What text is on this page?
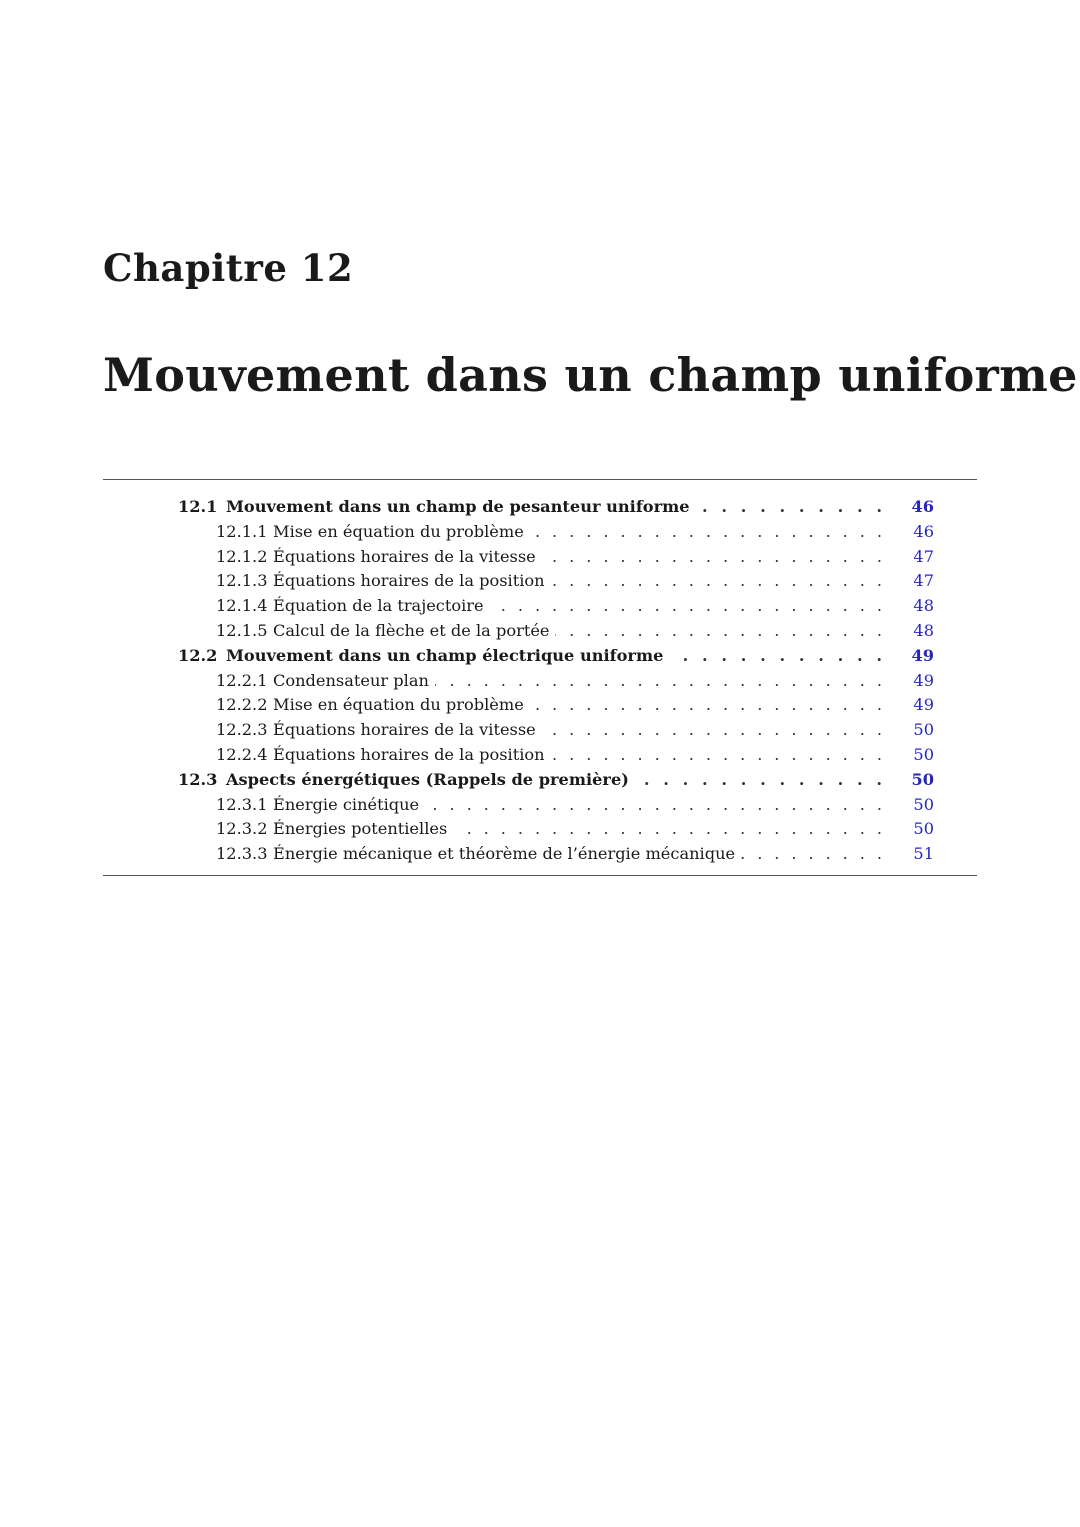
Chapitre 12
Mouvement dans un champ uniforme
12.1 Mouvement dans un champ de pesanteur uniforme . . .	46
12.1.1 Mise en équation du problème . . .	46
12.1.2 Équations horaires de la vitesse . . .	47
12.1.3 Équations horaires de la position . . .	47
12.1.4 Équation de la trajectoire . . .	48
12.1.5 Calcul de la flèche et de la portée . . .	48
12.2 Mouvement dans un champ électrique uniforme . . .	49
12.2.1 Condensateur plan . . .	49
12.2.2 Mise en équation du problème . . .	49
12.2.3 Équations horaires de la vitesse . . .	50
12.2.4 Équations horaires de la position . . .	50
12.3 Aspects énergétiques (Rappels de première) . . .	50
12.3.1 Énergie cinétique . . .	50
12.3.2 Énergies potentielles . . .	50
12.3.3 Énergie mécanique et théorème de l’énergie mécanique . . .	51
